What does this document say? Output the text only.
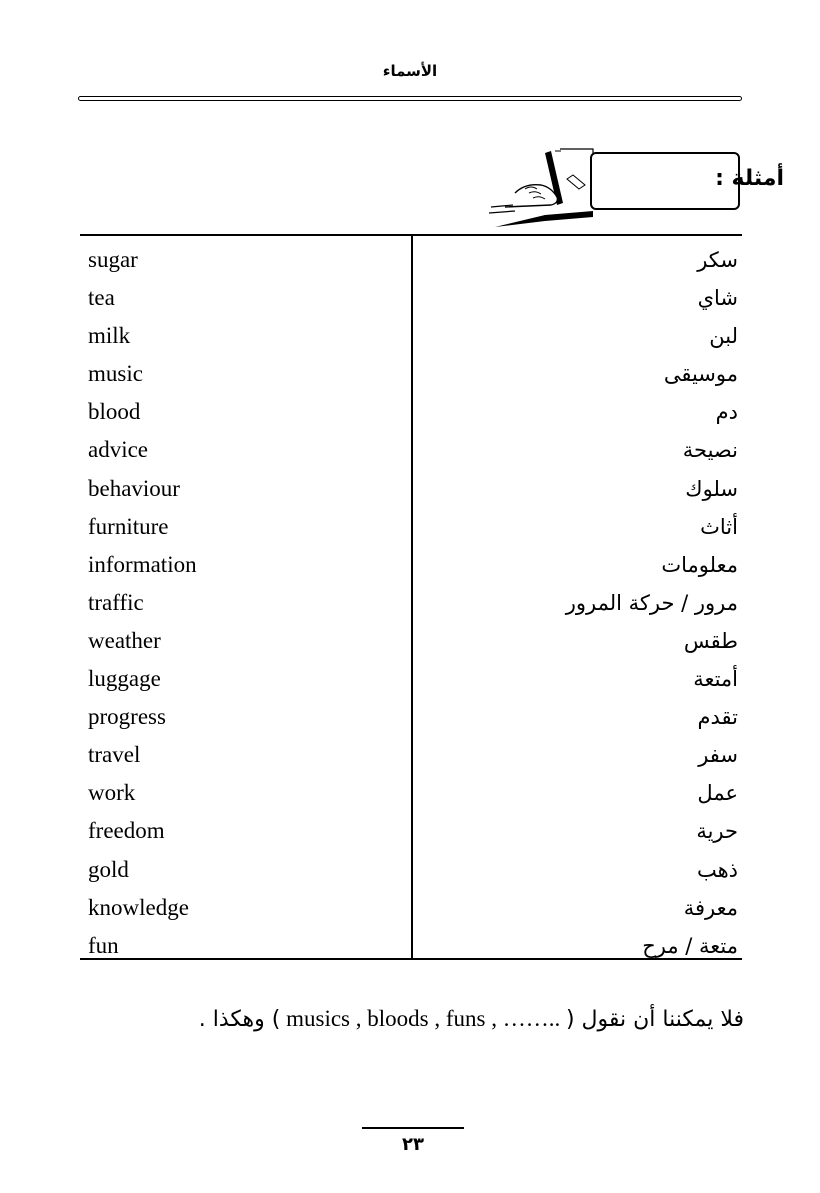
الأسماء
أمثلة :
sugar
tea
milk
music
blood
advice
behaviour
furniture
information
traffic
weather
luggage
progress
travel
work
freedom
gold
knowledge
fun
سكر
شاي
لبن
موسيقى
دم
نصيحة
سلوك
أثاث
معلومات
مرور / حركة المرور
طقس
أمتعة
تقدم
سفر
عمل
حرية
ذهب
معرفة
متعة / مرح
فلا يمكننا أن نقول ( musics , bloods , funs , …….. ) وهكذا .
٢٣
